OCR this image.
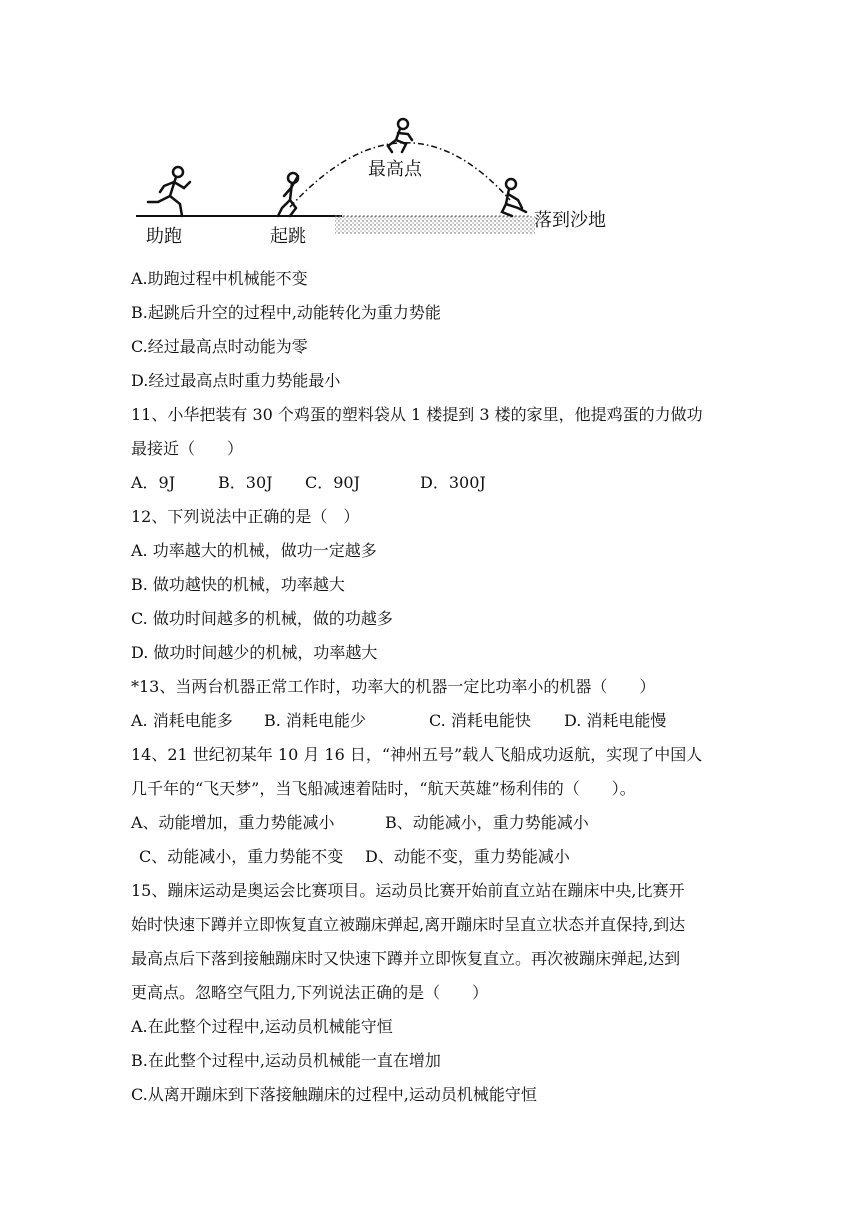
助跑	起跳
最高点
落到沙地
A.助跑过程中机械能不变
B.起跳后升空的过程中,动能转化为重力势能
C.经过最高点时动能为零
D.经过最高点时重力势能最小
11、小华把装有 30 个鸡蛋的塑料袋从 1 楼提到 3 楼的家里，他提鸡蛋的力做功
最接近（　　）
A．9J	B．30J C．90J	D．300J
12、下列说法中正确的是（　）
A. 功率越大的机械，做功一定越多
B. 做功越快的机械，功率越大
C. 做功时间越多的机械，做的功越多
D. 做功时间越少的机械，功率越大
*13、当两台机器正常工作时，功率大的机器一定比功率小的机器（　　）
A. 消耗电能多 B. 消耗电能少	C. 消耗电能快 D. 消耗电能慢
14、21 世纪初某年 10 月 16 日，“神州五号”载人飞船成功返航，实现了中国人
几千年的“飞天梦”，当飞船减速着陆时，“航天英雄”杨利伟的（　　）。
A、动能增加，重力势能减小	B、动能减小，重力势能减小
C、动能减小，重力势能不变 D、动能不变，重力势能减小
15、蹦床运动是奥运会比赛项目。运动员比赛开始前直立站在蹦床中央,比赛开
始时快速下蹲并立即恢复直立被蹦床弹起,离开蹦床时呈直立状态并直保持,到达
最高点后下落到接触蹦床时又快速下蹲并立即恢复直立。再次被蹦床弹起,达到
更高点。忽略空气阻力,下列说法正确的是（　　）
A.在此整个过程中,运动员机械能守恒
B.在此整个过程中,运动员机械能一直在增加
C.从离开蹦床到下落接触蹦床的过程中,运动员机械能守恒
